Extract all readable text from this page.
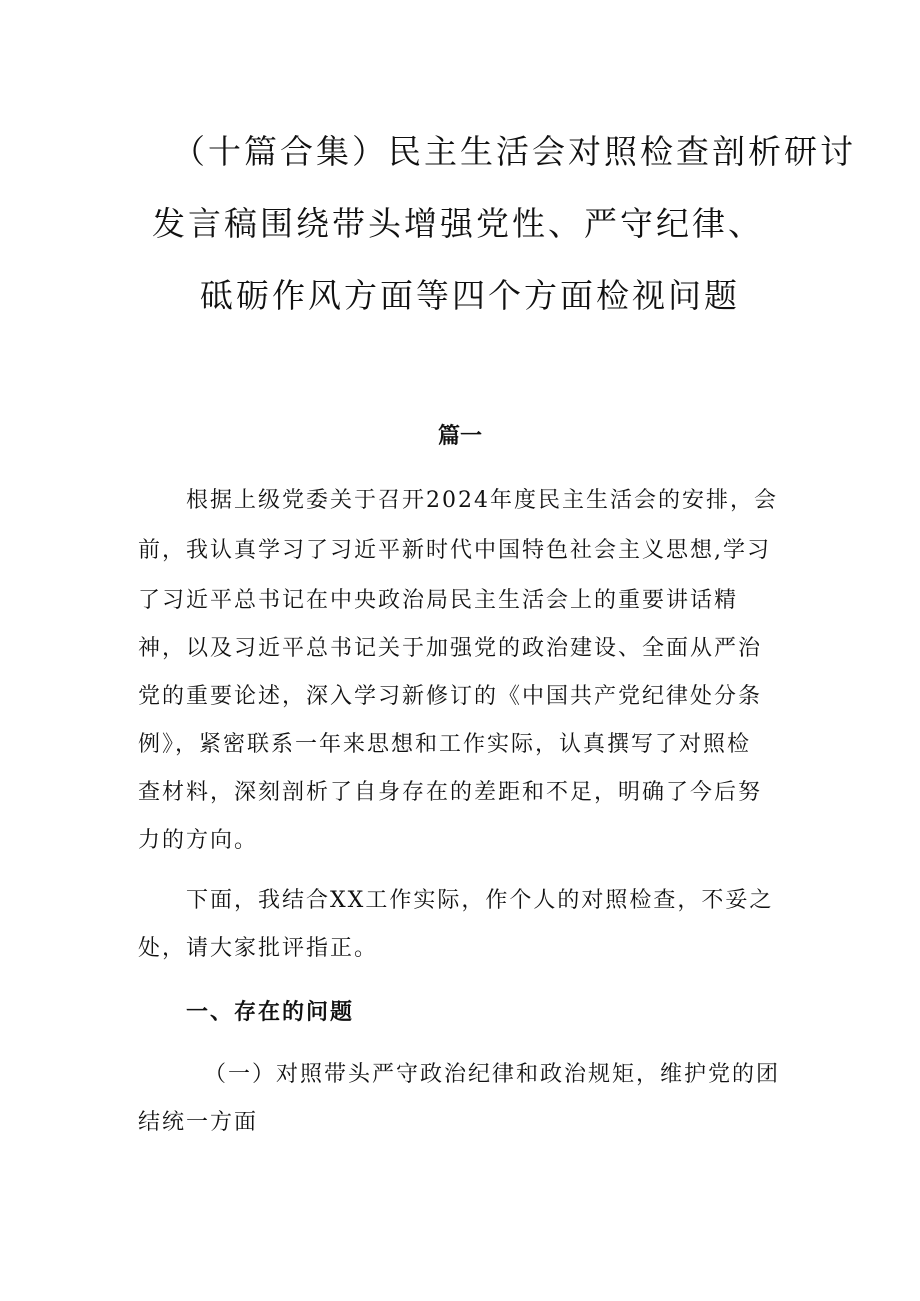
（十篇合集）民主生活会对照检查剖析研讨
发言稿围绕带头增强党性、严守纪律、
砥砺作风方面等四个方面检视问题
篇一
根据上级党委关于召开2024年度民主生活会的安排，会
前，我认真学习了习近平新时代中国特色社会主义思想,学习
了习近平总书记在中央政治局民主生活会上的重要讲话精
神，以及习近平总书记关于加强党的政治建设、全面从严治
党的重要论述，深入学习新修订的《中国共产党纪律处分条
例》，紧密联系一年来思想和工作实际，认真撰写了对照检
查材料，深刻剖析了自身存在的差距和不足，明确了今后努
力的方向。
下面，我结合XX工作实际，作个人的对照检查，不妥之
处，请大家批评指正。
一、存在的问题
（一）对照带头严守政治纪律和政治规矩，维护党的团
结统一方面
